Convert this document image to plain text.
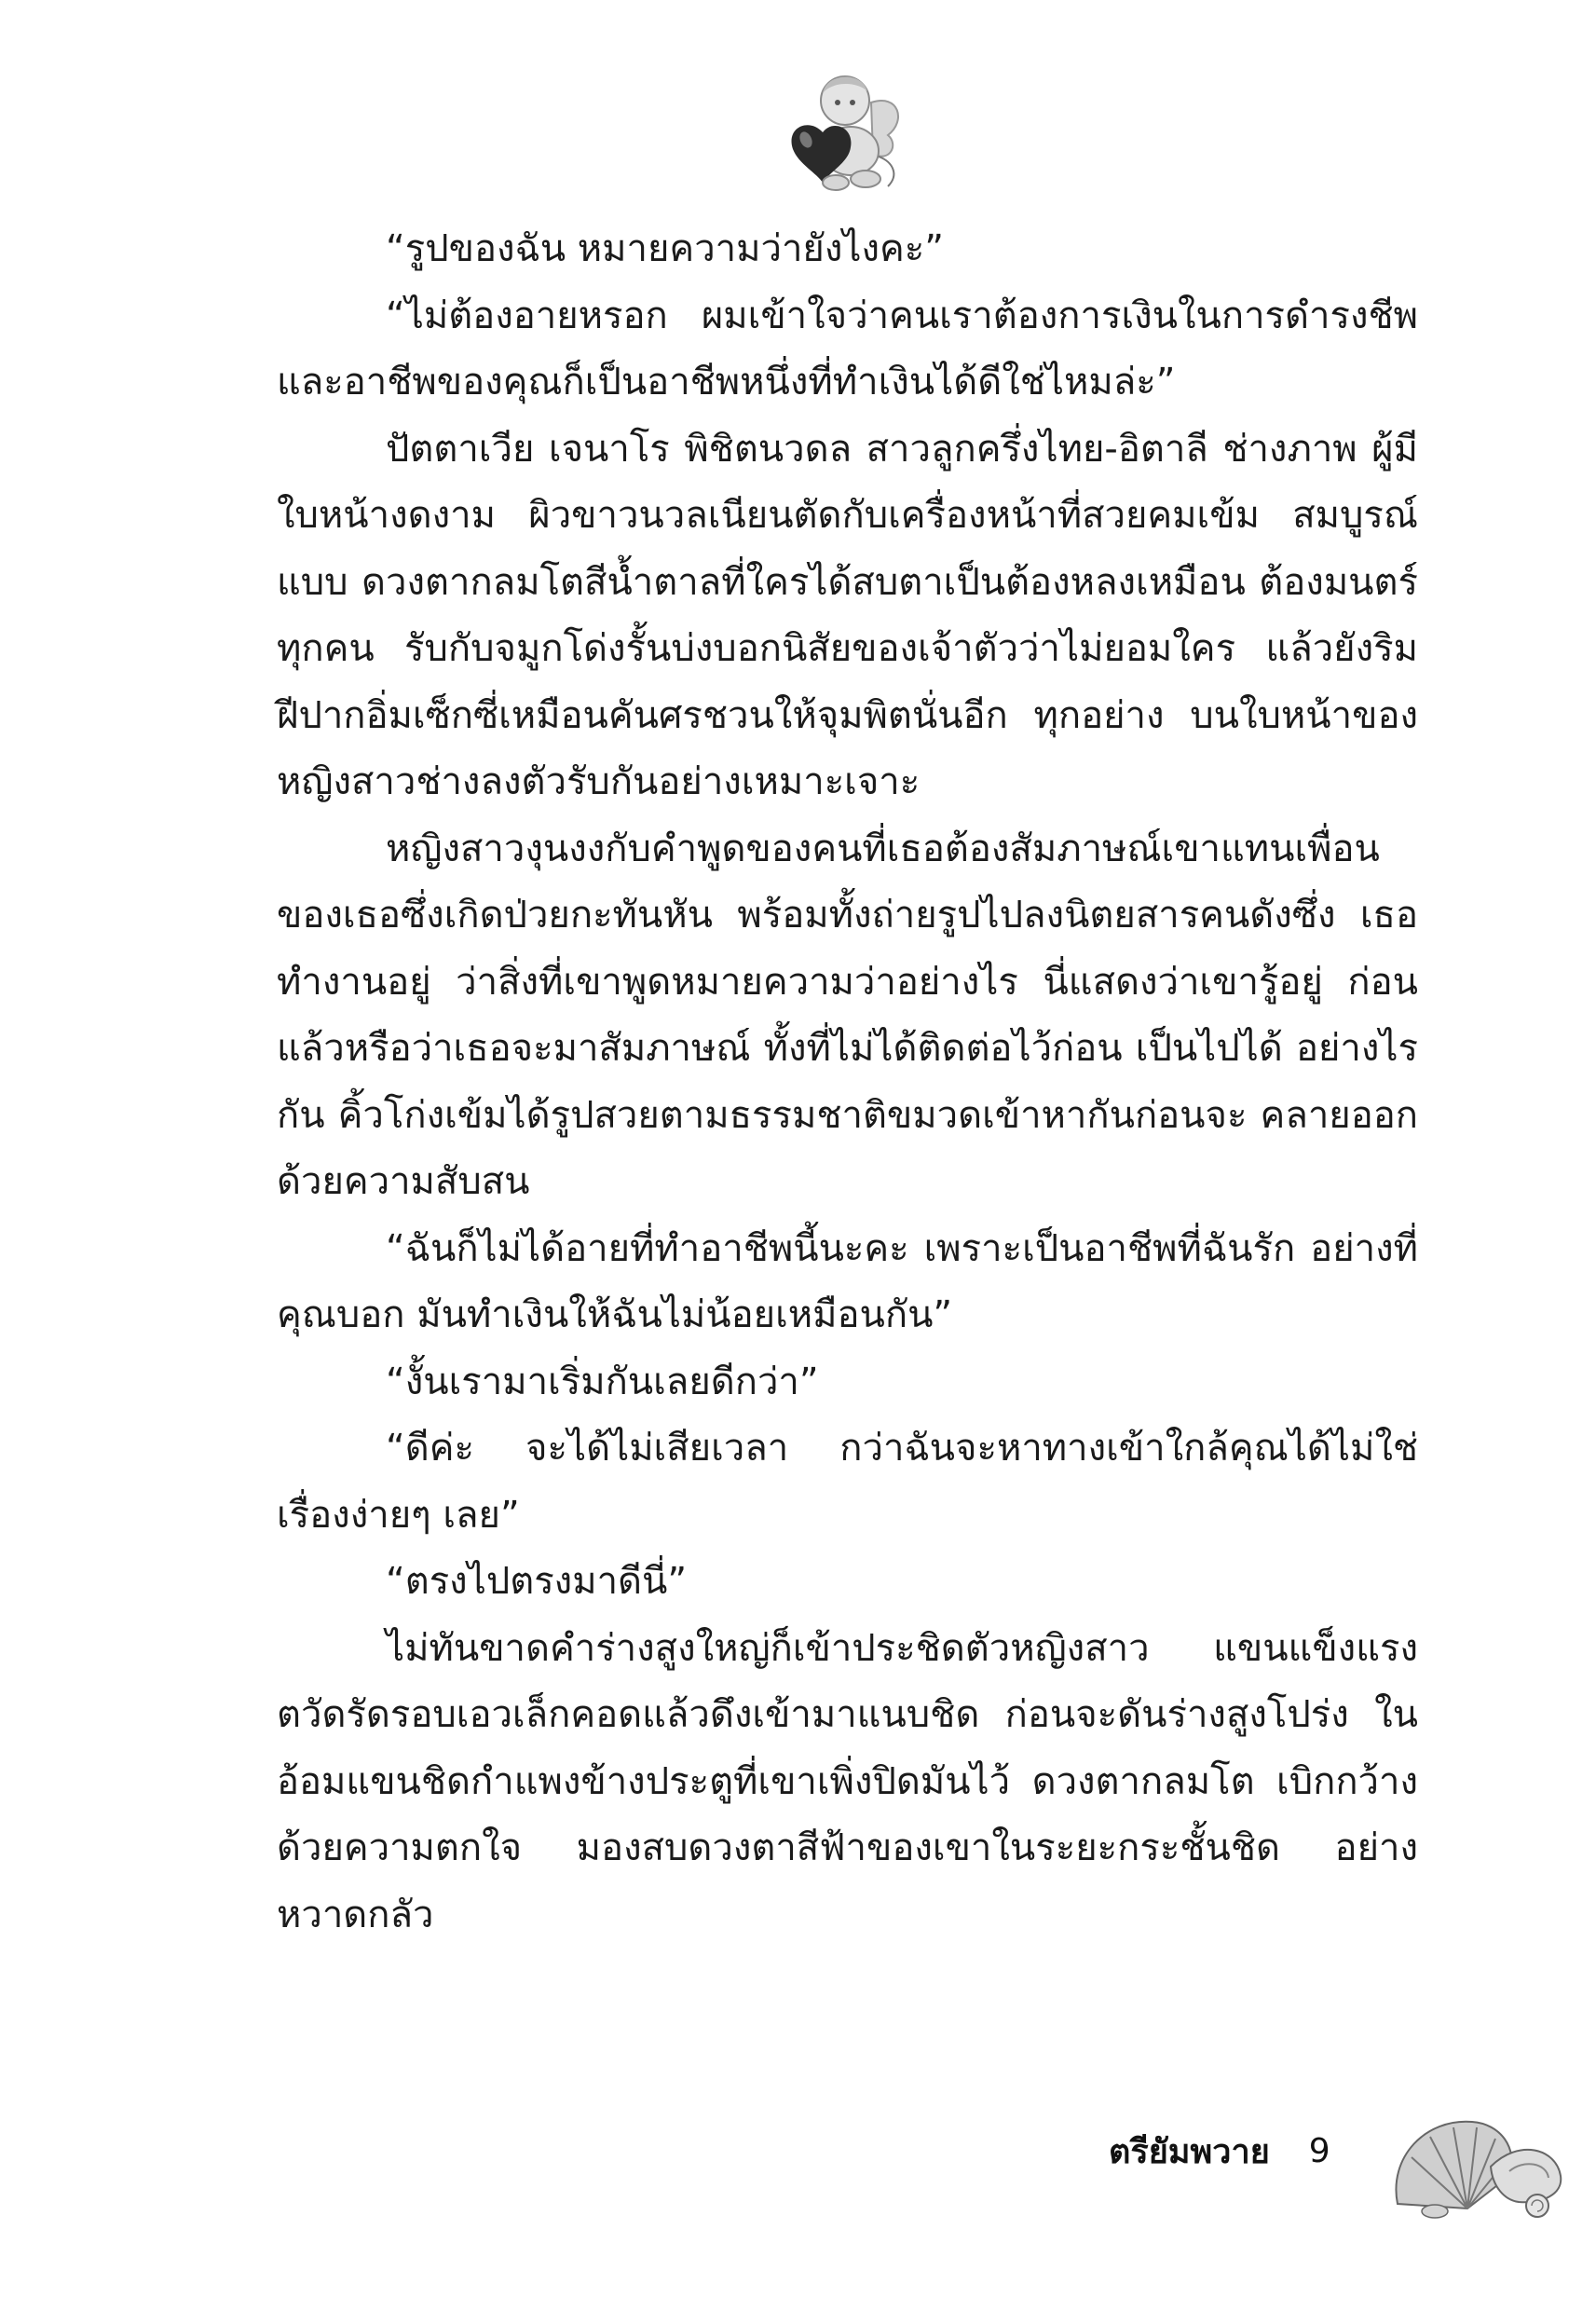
“รูปของฉัน หมายความว่ายังไงคะ”

“ไม่ต้องอายหรอก ผมเข้าใจว่าคนเราต้องการเงินในการดำรงชีพ และอาชีพของคุณก็เป็นอาชีพหนึ่งที่ทำเงินได้ดีใช่ไหมล่ะ”

ปัตตาเวีย เจนาโร พิชิตนวดล สาวลูกครึ่งไทย-อิตาลี ช่างภาพ ผู้มีใบหน้างดงาม ผิวขาวนวลเนียนตัดกับเครื่องหน้าที่สวยคมเข้ม สมบูรณ์แบบ ดวงตากลมโตสีน้ำตาลที่ใครได้สบตาเป็นต้องหลงเหมือน ต้องมนตร์ทุกคน รับกับจมูกโด่งรั้นบ่งบอกนิสัยของเจ้าตัวว่าไม่ยอมใคร แล้วยังริมฝีปากอิ่มเซ็กซี่เหมือนคันศรชวนให้จุมพิตนั่นอีก ทุกอย่าง บนใบหน้าของหญิงสาวช่างลงตัวรับกันอย่างเหมาะเจาะ

หญิงสาวงุนงงกับคำพูดของคนที่เธอต้องสัมภาษณ์เขาแทนเพื่อน ของเธอซึ่งเกิดป่วยกะทันหัน พร้อมทั้งถ่ายรูปไปลงนิตยสารคนดังซึ่ง เธอทำงานอยู่ ว่าสิ่งที่เขาพูดหมายความว่าอย่างไร นี่แสดงว่าเขารู้อยู่ ก่อนแล้วหรือว่าเธอจะมาสัมภาษณ์ ทั้งที่ไม่ได้ติดต่อไว้ก่อน เป็นไปได้ อย่างไรกัน คิ้วโก่งเข้มได้รูปสวยตามธรรมชาติขมวดเข้าหากันก่อนจะ คลายออกด้วยความสับสน

“ฉันก็ไม่ได้อายที่ทำอาชีพนี้นะคะ เพราะเป็นอาชีพที่ฉันรัก อย่างที่ คุณบอก มันทำเงินให้ฉันไม่น้อยเหมือนกัน”

“งั้นเรามาเริ่มกันเลยดีกว่า”

“ดีค่ะ จะได้ไม่เสียเวลา กว่าฉันจะหาทางเข้าใกล้คุณได้ไม่ใช่ เรื่องง่ายๆ เลย”

“ตรงไปตรงมาดีนี่”

ไม่ทันขาดคำร่างสูงใหญ่ก็เข้าประชิดตัวหญิงสาว แขนแข็งแรง ตวัดรัดรอบเอวเล็กคอดแล้วดึงเข้ามาแนบชิด ก่อนจะดันร่างสูงโปร่ง ในอ้อมแขนชิดกำแพงข้างประตูที่เขาเพิ่งปิดมันไว้ ดวงตากลมโต เบิกกว้างด้วยความตกใจ มองสบดวงตาสีฟ้าของเขาในระยะกระชั้นชิด อย่างหวาดกลัว

ตรียัมพวาย 9
